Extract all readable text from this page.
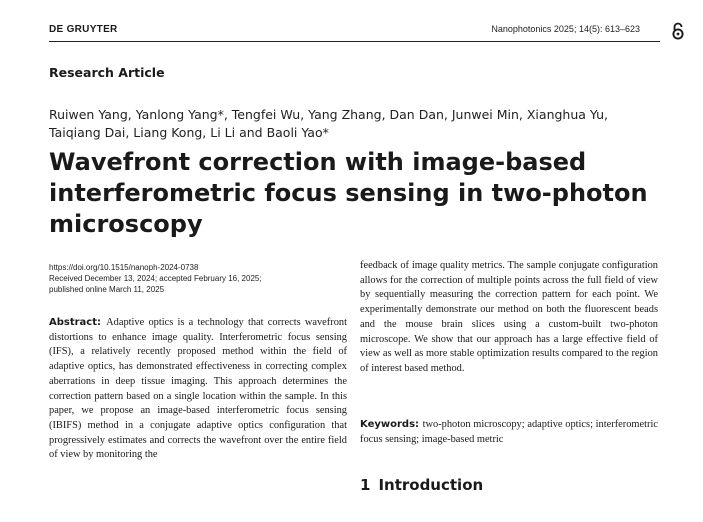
DE GRUYTER	Nanophotonics 2025; 14(5): 613–623
Research Article
Ruiwen Yang, Yanlong Yang*, Tengfei Wu, Yang Zhang, Dan Dan, Junwei Min, Xianghua Yu,
Taiqiang Dai, Liang Kong, Li Li and Baoli Yao*
Wavefront correction with image-based
interferometric focus sensing in two-photon
microscopy
https://doi.org/10.1515/nanoph-2024-0738
Received December 13, 2024; accepted February 16, 2025;
published online March 11, 2025
Abstract: Adaptive optics is a technology that corrects wavefront distortions to enhance image quality. Interferometric focus sensing (IFS), a relatively recently proposed method within the field of adaptive optics, has demonstrated effectiveness in correcting complex aberrations in deep tissue imaging. This approach determines the correction pattern based on a single location within the sample. In this paper, we propose an image-based interferometric focus sensing (IBIFS) method in a conjugate adaptive optics configuration that progressively estimates and corrects the wavefront over the entire field of view by monitoring the
feedback of image quality metrics. The sample conjugate configuration allows for the correction of multiple points across the full field of view by sequentially measuring the correction pattern for each point. We experimentally demonstrate our method on both the fluorescent beads and the mouse brain slices using a custom-built two-photon microscope. We show that our approach has a large effective field of view as well as more stable optimization results compared to the region of interest based method.
Keywords: two-photon microscopy; adaptive optics; interferometric focus sensing; image-based metric
1 Introduction
